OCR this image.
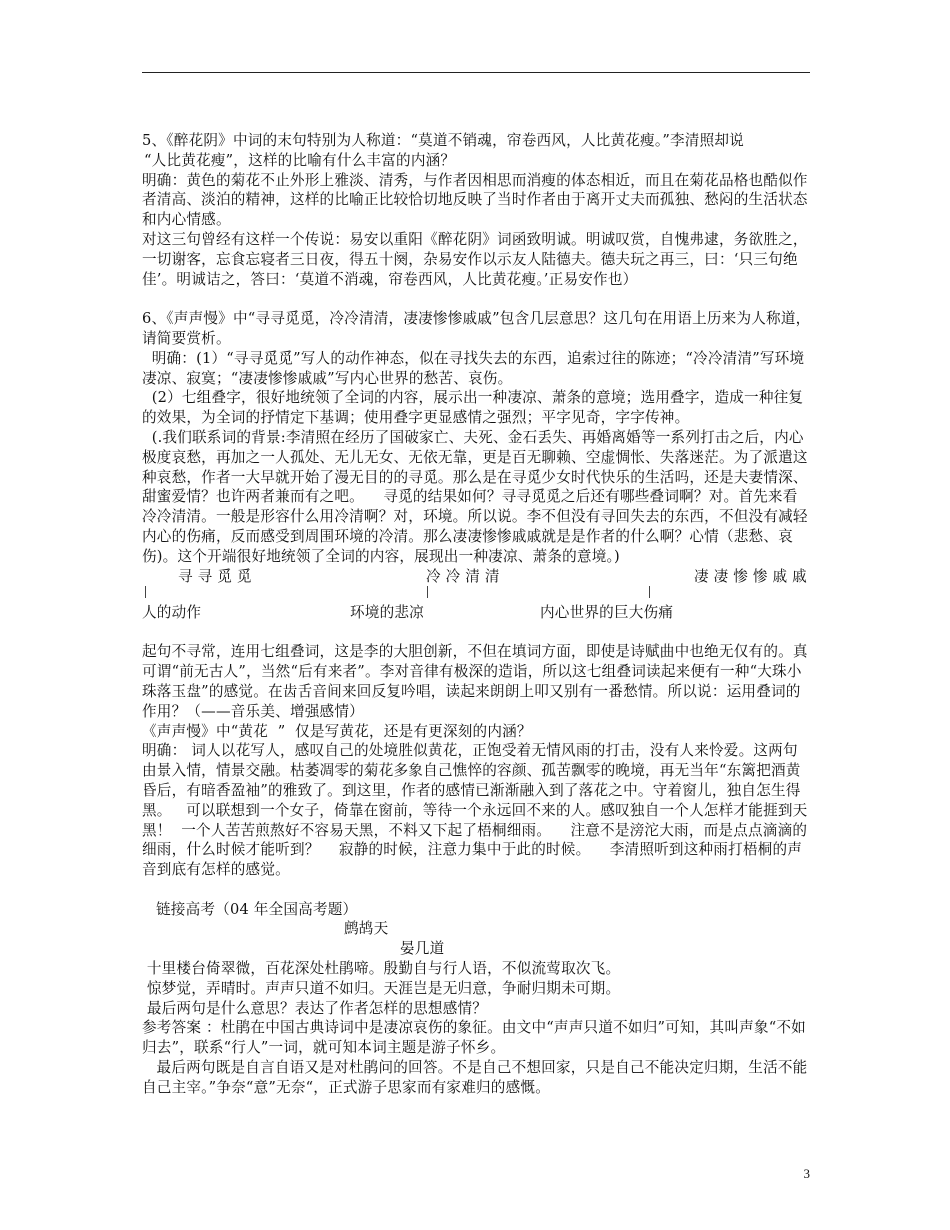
5、《醉花阴》中词的末句特别为人称道：“莫道不销魂，帘卷西风，人比黄花瘦。”李清照却说

“人比黄花瘦”，这样的比喻有什么丰富的内涵？

明确：黄色的菊花不止外形上雅淡、清秀，与作者因相思而消瘦的体态相近，而且在菊花品格也酷似作者清高、淡泊的精神，这样的比喻正比较恰切地反映了当时作者由于离开丈夫而孤独、愁闷的生活状态和内心情感。

对这三句曾经有这样一个传说：易安以重阳《醉花阴》词函致明诚。明诚叹赏，自愧弗逮，务欲胜之，一切谢客，忘食忘寝者三日夜，得五十阕，杂易安作以示友人陆德夫。德夫玩之再三，曰：‘只三句绝佳’。明诚诘之，答曰：‘莫道不消魂，帘卷西风，人比黄花瘦。’正易安作也）

6、《声声慢》中“寻寻觅觅，冷冷清清，凄凄惨惨戚戚”包含几层意思？这几句在用语上历来为人称道，请简要赏析。

明确：(1）“寻寻觅觅”写人的动作神态，似在寻找失去的东西，追索过往的陈迹；“冷冷清清”写环境凄凉、寂寞；“凄凄惨惨戚戚”写内心世界的愁苦、哀伤。

(2）七组叠字，很好地统领了全词的内容，展示出一种凄凉、萧条的意境；选用叠字，造成一种往复的效果，为全词的抒情定下基调；使用叠字更显感情之强烈；平字见奇，字字传神。

(.我们联系词的背景:李清照在经历了国破家亡、夫死、金石丢失、再婚离婚等一系列打击之后，内心极度哀愁，再加之一人孤处、无儿无女、无依无靠，更是百无聊赖、空虚惆怅、失落迷茫。为了派遣这种哀愁，作者一大早就开始了漫无目的的寻觅。那么是在寻觅少女时代快乐的生活吗，还是夫妻情深、甜蜜爱情？也许两者兼而有之吧。    寻觅的结果如何？寻寻觅觅之后还有哪些叠词啊？对。首先来看冷冷清清。一般是形容什么用冷清啊？对，环境。所以说。李不但没有寻回失去的东西，不但没有减轻内心的伤痛，反而感受到周围环境的冷清。那么凄凄惨惨戚戚就是是作者的什么啊？心情（悲愁、哀伤)。这个开端很好地统领了全词的内容，展现出一种凄凉、萧条的意境。)

寻 寻 觅 觅	冷 冷 清 清	凄 凄 惨 惨 戚 戚
人的动作	环境的悲凉	内心世界的巨大伤痛

起句不寻常，连用七组叠词，这是李的大胆创新，不但在填词方面，即使是诗赋曲中也绝无仅有的。真可谓“前无古人”，当然“后有来者”。李对音律有极深的造诣，所以这七组叠词读起来便有一种“大珠小珠落玉盘”的感觉。在齿舌音间来回反复吟唱，读起来朗朗上叩又别有一番愁情。所以说：运用叠词的作用？（——音乐美、增强感情）

《声声慢》中“黄花  ”  仅是写黄花，还是有更深刻的内涵？

明确： 词人以花写人，感叹自己的处境胜似黄花，正饱受着无情风雨的打击，没有人来怜爱。这两句由景入情，情景交融。枯萎凋零的菊花多象自己憔悴的容颜、孤苦飘零的晚境，再无当年“东篱把酒黄昏后，有暗香盈袖”的雅致了。到这里，作者的感情已渐渐融入到了落花之中。守着窗儿，独自怎生得黑。   可以联想到一个女子，倚靠在窗前，等待一个永远回不来的人。感叹独自一个人怎样才能捱到天黑！  一个人苦苦煎熬好不容易天黑，不料又下起了梧桐细雨。    注意不是滂沱大雨，而是点点滴滴的细雨，什么时候才能听到？    寂静的时候，注意力集中于此的时候。    李清照听到这种雨打梧桐的声音到底有怎样的感觉。

链接高考（04 年全国高考题）

鹧鸪天

晏几道

十里楼台倚翠微，百花深处杜鹃啼。殷勤自与行人语，不似流莺取次飞。

惊梦觉，弄晴时。声声只道不如归。天涯岂是无归意，争耐归期未可期。

最后两句是什么意思？表达了作者怎样的思想感情？

参考答案 ：杜鹃在中国古典诗词中是凄凉哀伤的象征。由文中“声声只道不如归”可知，其叫声象“不如归去”，联系“行人”一词，就可知本词主题是游子怀乡。

最后两句既是自言自语又是对杜鹃问的回答。不是自己不想回家，只是自己不能决定归期，生活不能自己主宰。”争奈“意”无奈“，正式游子思家而有家难归的感慨。

3
